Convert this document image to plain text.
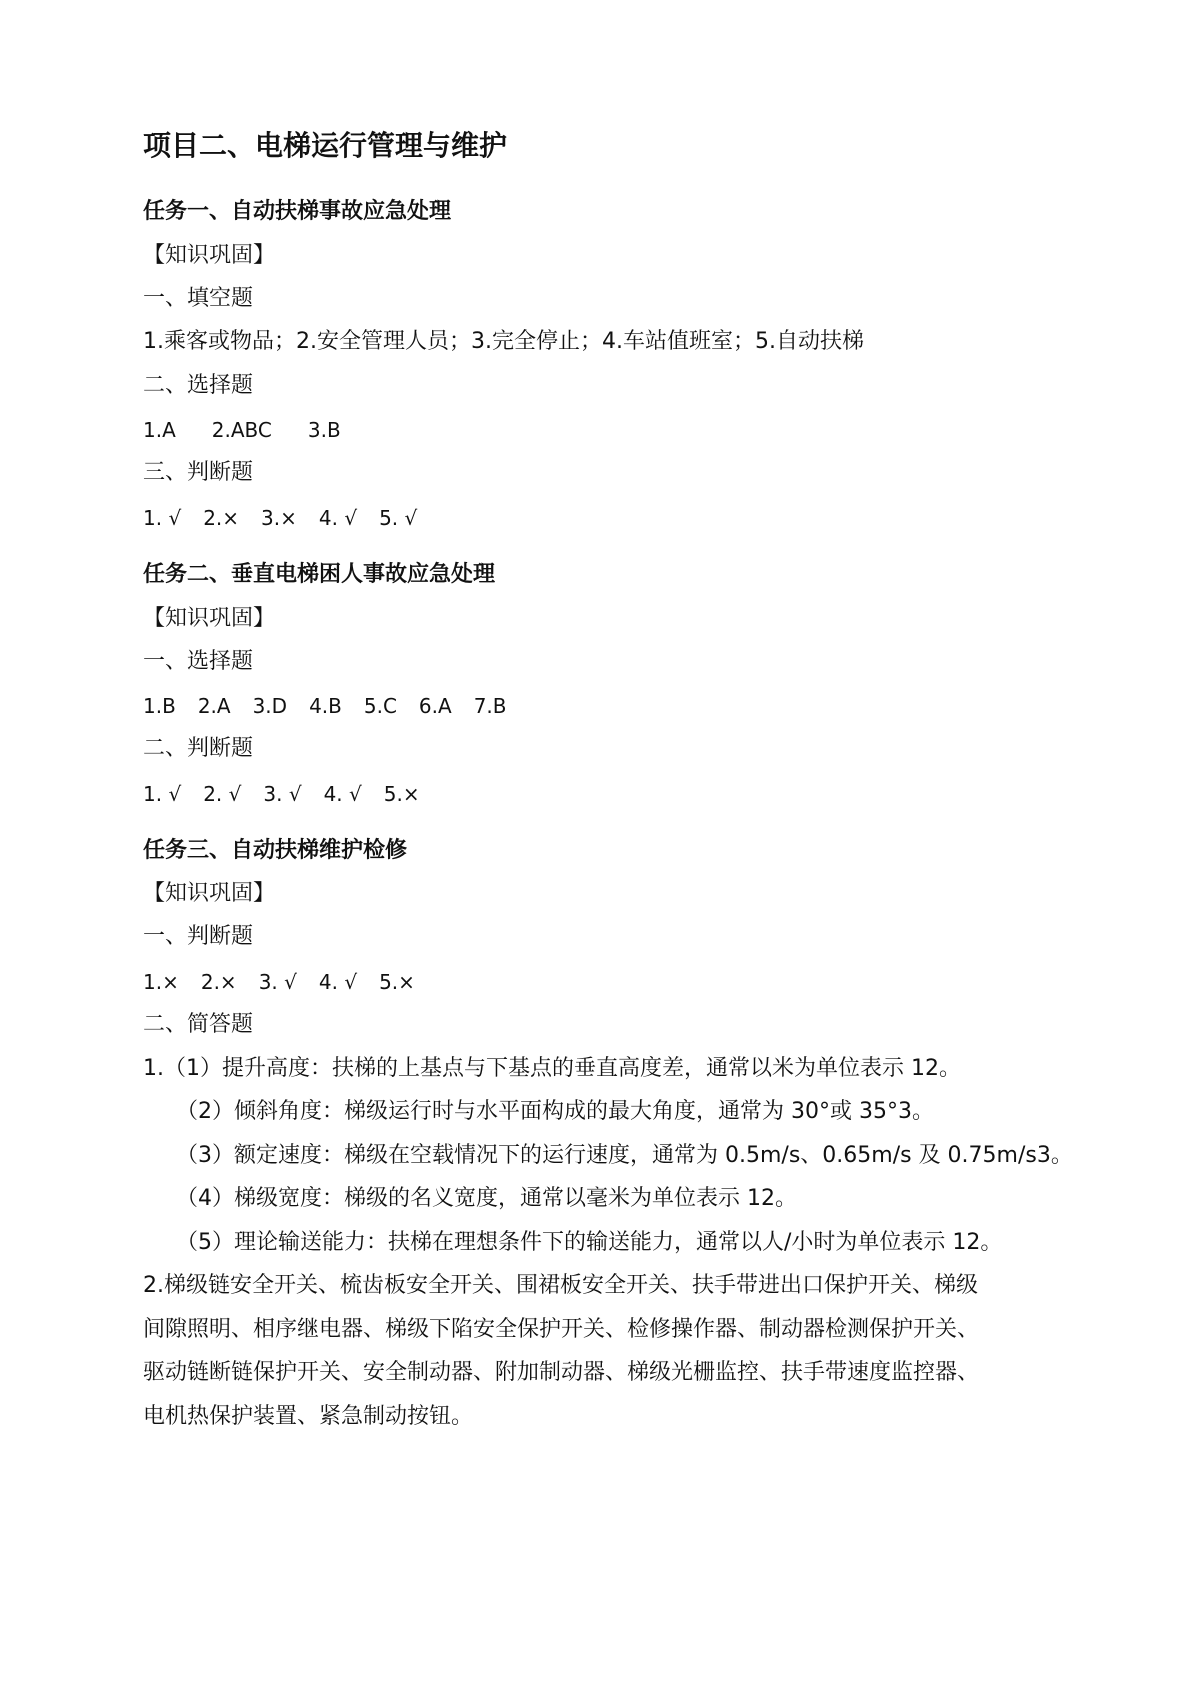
项目二、电梯运行管理与维护
任务一、自动扶梯事故应急处理
【知识巩固】
一、填空题
1.乘客或物品；2.安全管理人员；3.完全停止；4.车站值班室；5.自动扶梯
二、选择题
1.A 2.ABC 3.B
三、判断题
1. √ 2.× 3.× 4. √ 5. √
任务二、垂直电梯困人事故应急处理
【知识巩固】
一、选择题
1.B 2.A 3.D 4.B 5.C 6.A 7.B
二、判断题
1. √ 2. √ 3. √ 4. √ 5.×
任务三、自动扶梯维护检修
【知识巩固】
一、判断题
1.× 2.× 3. √ 4. √ 5.×
二、简答题
1.（1）提升高度：扶梯的上基点与下基点的垂直高度差，通常以米为单位表示 12。
（2）倾斜角度：梯级运行时与水平面构成的最大角度，通常为 30°或 35°3。
（3）额定速度：梯级在空载情况下的运行速度，通常为 0.5m/s、0.65m/s 及 0.75m/s3。
（4）梯级宽度：梯级的名义宽度，通常以毫米为单位表示 12。
（5）理论输送能力：扶梯在理想条件下的输送能力，通常以人/小时为单位表示 12。
2.梯级链安全开关、梳齿板安全开关、围裙板安全开关、扶手带进出口保护开关、梯级
间隙照明、相序继电器、梯级下陷安全保护开关、检修操作器、制动器检测保护开关、
驱动链断链保护开关、安全制动器、附加制动器、梯级光栅监控、扶手带速度监控器、
电机热保护装置、紧急制动按钮。
